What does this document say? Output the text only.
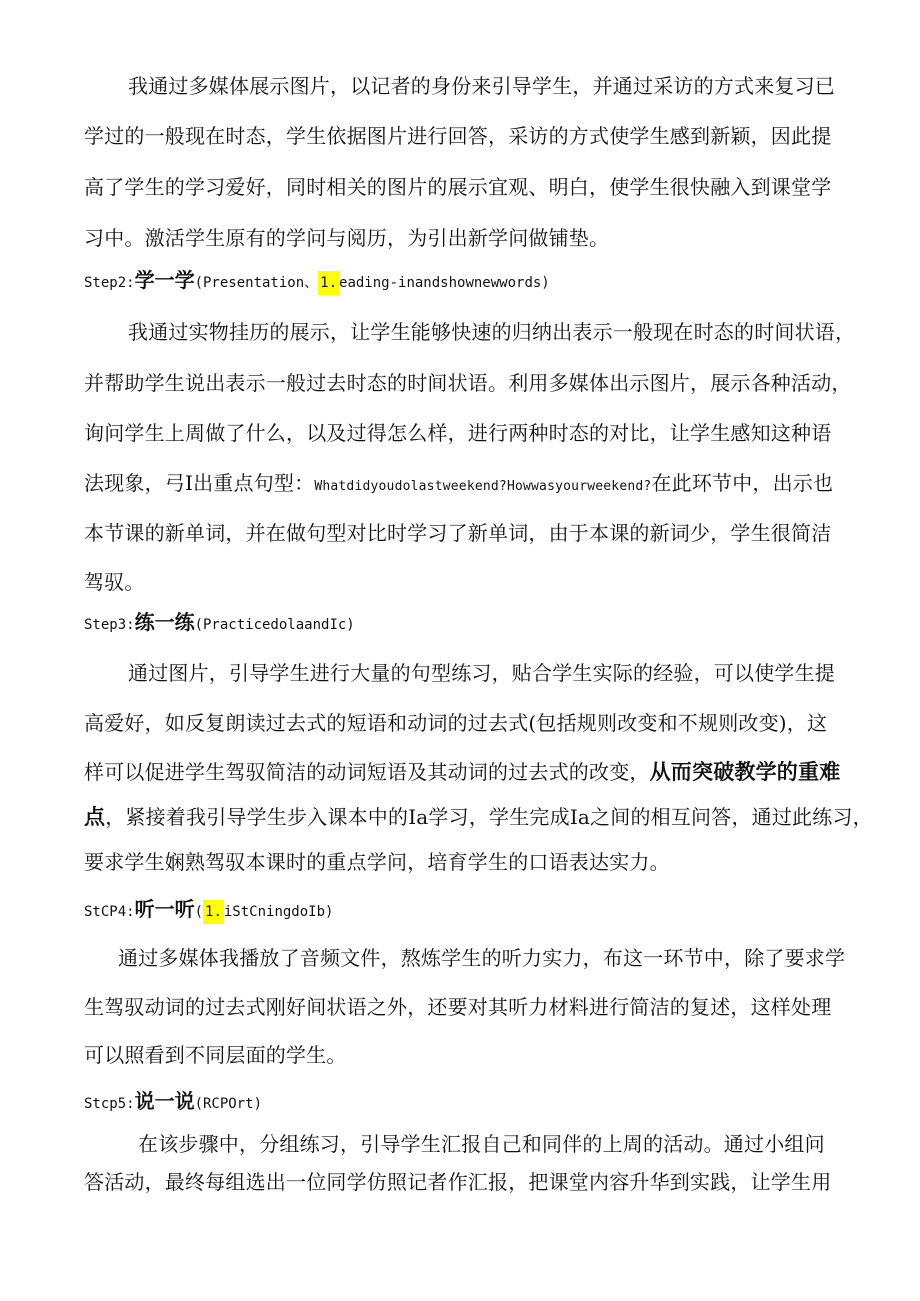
我通过多媒体展示图片，以记者的身份来引导学生，并通过采访的方式来复习已
学过的一般现在时态，学生依据图片进行回答，采访的方式使学生感到新颖，因此提
高了学生的学习爱好，同时相关的图片的展示宜观、明白，使学生很快融入到课堂学
习中。激活学生原有的学问与阅历，为引出新学问做铺垫。
Step2:学一学(Presentation、 1. eading-inandshownewwords)
我通过实物挂历的展示，让学生能够快速的归纳出表示一般现在时态的时间状语，
并帮助学生说出表示一般过去时态的时间状语。利用多媒体出示图片，展示各种活动，
询问学生上周做了什么，以及过得怎么样，进行两种时态的对比，让学生感知这种语
法现象，弓I出重点句型：Whatdidyoudolastweekend?Howwasyourweekend?在此环节中，出示也
本节课的新单词，并在做句型对比时学习了新单词，由于本课的新词少，学生很简洁
驾驭。
Step3:练一练(PracticedolaandIc)
通过图片，引导学生进行大量的句型练习，贴合学生实际的经验，可以使学生提
高爱好，如反复朗读过去式的短语和动词的过去式(包括规则改变和不规则改变)，这
样可以促进学生驾驭简洁的动词短语及其动词的过去式的改变，从而突破教学的重难
点，紧接着我引导学生步入课本中的Ia学习，学生完成Ia之间的相互问答，通过此练习，
要求学生娴熟驾驭本课时的重点学问，培育学生的口语表达实力。
StCP4:听一听( 1. iStCningdoIb)
通过多媒体我播放了音频文件，熬炼学生的听力实力，布这一环节中，除了要求学
生驾驭动词的过去式刚好间状语之外，还要对其听力材料进行简洁的复述，这样处理
可以照看到不同层面的学生。
Stcp5:说一说(RCPOrt)
在该步骤中，分组练习，引导学生汇报自己和同伴的上周的活动。通过小组问
答活动，最终每组选出一位同学仿照记者作汇报，把课堂内容升华到实践，让学生用
